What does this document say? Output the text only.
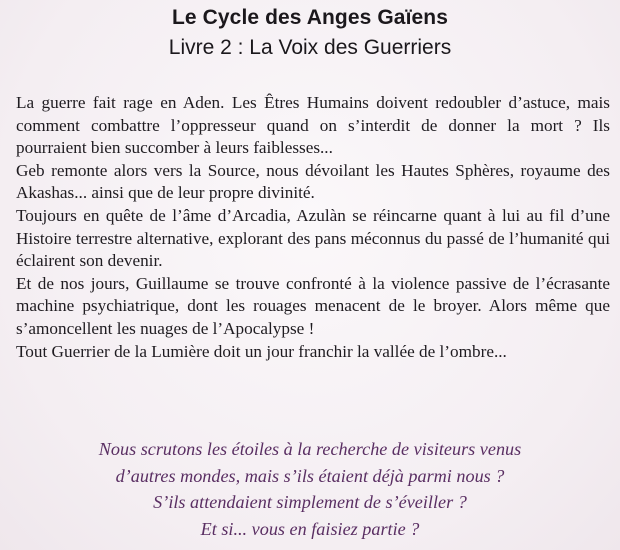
Le Cycle des Anges Gaïens
Livre 2 : La Voix des Guerriers

La guerre fait rage en Aden. Les Êtres Humains doivent redoubler d’astuce, mais comment combattre l’oppresseur quand on s’interdit de donner la mort ? Ils pourraient bien succomber à leurs faiblesses...

Geb remonte alors vers la Source, nous dévoilant les Hautes Sphères, royaume des Akashas... ainsi que de leur propre divinité.

Toujours en quête de l’âme d’Arcadia, Azulàn se réincarne quant à lui au fil d’une Histoire terrestre alternative, explorant des pans méconnus du passé de l’humanité qui éclairent son devenir.

Et de nos jours, Guillaume se trouve confronté à la violence passive de l’écrasante machine psychiatrique, dont les rouages menacent de le broyer. Alors même que s’amoncellent les nuages de l’Apocalypse !

Tout Guerrier de la Lumière doit un jour franchir la vallée de l’ombre...

Nous scrutons les étoiles à la recherche de visiteurs venus
d’autres mondes, mais s’ils étaient déjà parmi nous ?
S’ils attendaient simplement de s’éveiller ?
Et si... vous en faisiez partie ?
